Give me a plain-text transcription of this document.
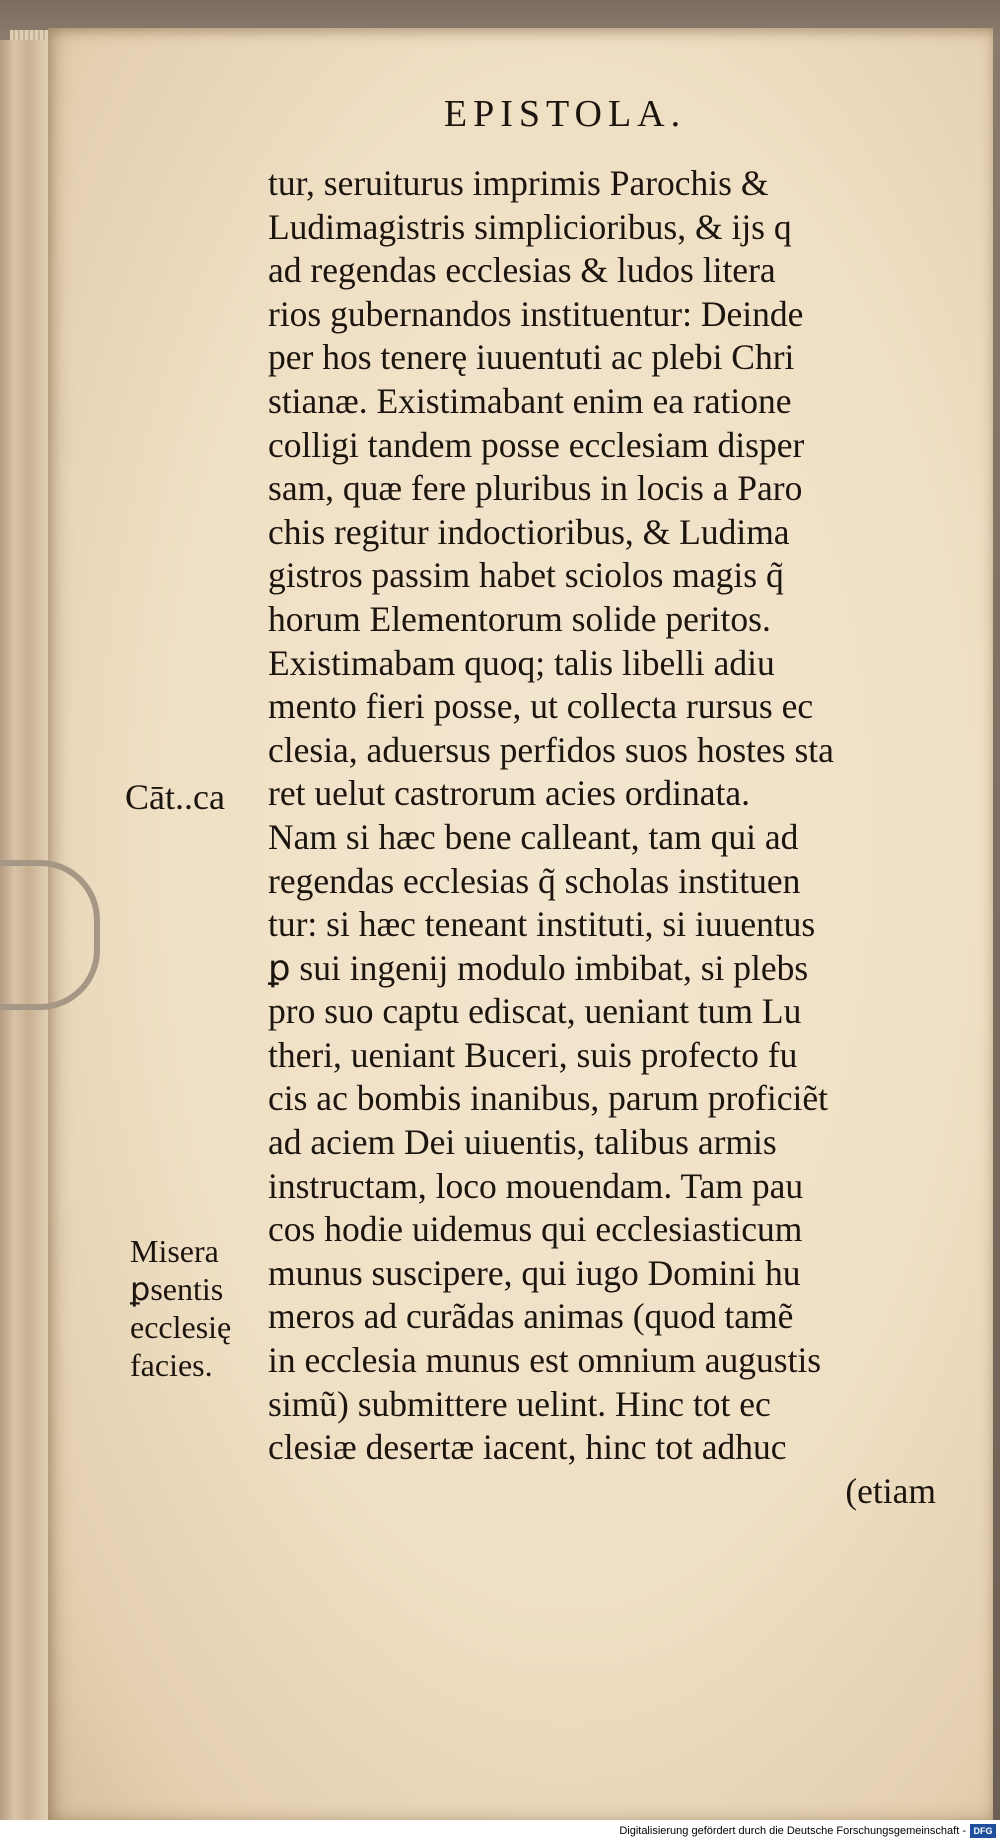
EPISTOLA.
tur, seruiturus imprimis Parochis &
Ludimagistris simplicioribus, & ijs q
ad regendas ecclesias & ludos litera
rios gubernandos instituentur: Deinde
per hos tenerę iuuentuti ac plebi Chri
stianæ. Existimabant enim ea ratione
colligi tandem posse ecclesiam disper
sam, quæ fere pluribus in locis a Paro
chis regitur indoctioribus, & Ludima
gistros passim habet sciolos magis q̃
horum Elementorum solide peritos.
Existimabam quoq; talis libelli adiu
mento fieri posse, ut collecta rursus ec
clesia, aduersus perfidos suos hostes sta
ret uelut castrorum acies ordinata.
Nam si hæc bene calleant, tam qui ad
regendas ecclesias q̃ scholas instituen
tur: si hæc teneant instituti, si iuuentus
ꝑ sui ingenij modulo imbibat, si plebs
pro suo captu ediscat, ueniant tum Lu
theri, ueniant Buceri, suis profecto fu
cis ac bombis inanibus, parum proficiẽt
ad aciem Dei uiuentis, talibus armis
instructam, loco mouendam. Tam pau
cos hodie uidemus qui ecclesiasticum
munus suscipere, qui iugo Domini hu
meros ad curãdas animas (quod tamẽ
in ecclesia munus est omnium augustis
simũ) submittere uelint. Hinc tot ec
clesiæ desertæ iacent, hinc tot adhuc
(etiam
Cāt..ca
Misera
ꝑsentis
ecclesię
facies.
Digitalisierung gefördert durch die Deutsche Forschungsgemeinschaft - DFG
